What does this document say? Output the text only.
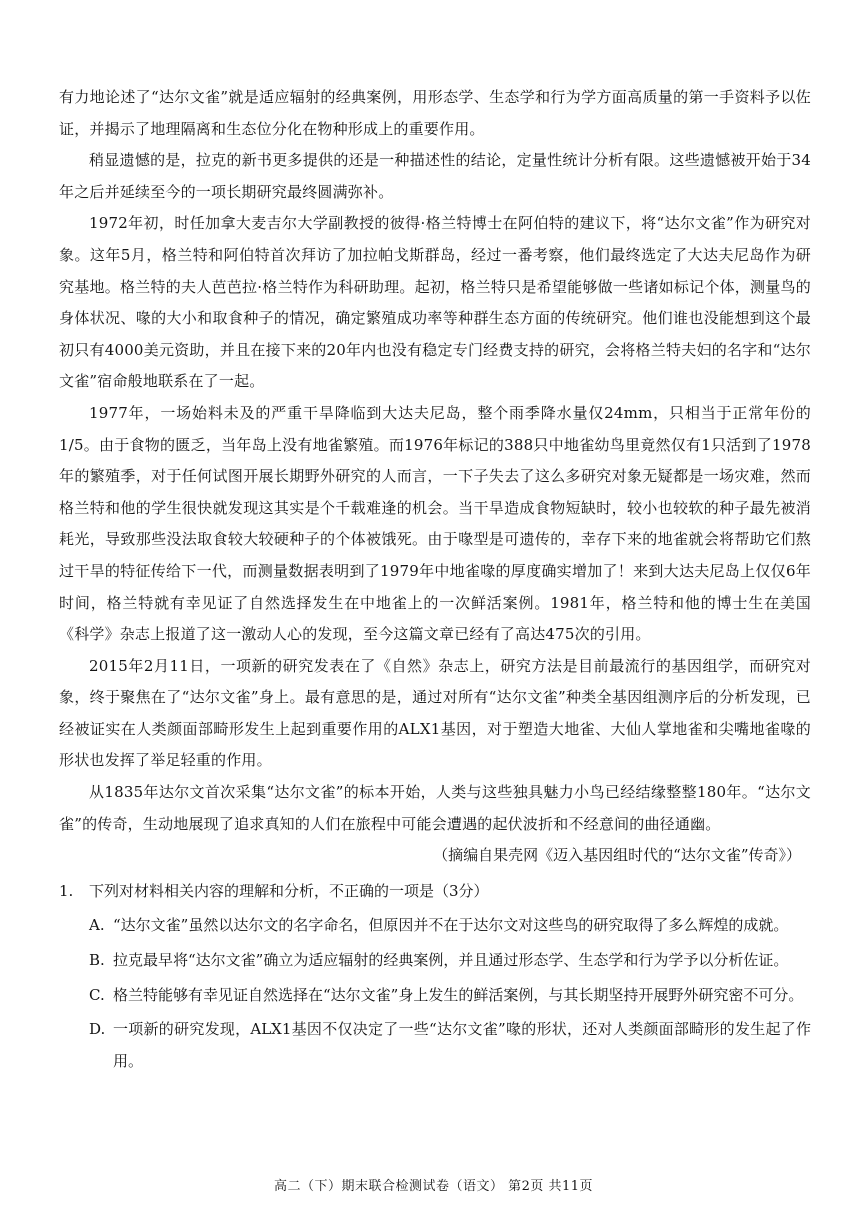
有力地论述了“达尔文雀”就是适应辐射的经典案例，用形态学、生态学和行为学方面高质量的第一手资料予以佐证，并揭示了地理隔离和生态位分化在物种形成上的重要作用。

稍显遗憾的是，拉克的新书更多提供的还是一种描述性的结论，定量性统计分析有限。这些遗憾被开始于34年之后并延续至今的一项长期研究最终圆满弥补。

1972年初，时任加拿大麦吉尔大学副教授的彼得·格兰特博士在阿伯特的建议下，将“达尔文雀”作为研究对象。这年5月，格兰特和阿伯特首次拜访了加拉帕戈斯群岛，经过一番考察，他们最终选定了大达夫尼岛作为研究基地。格兰特的夫人芭芭拉·格兰特作为科研助理。起初，格兰特只是希望能够做一些诸如标记个体，测量鸟的身体状况、喙的大小和取食种子的情况，确定繁殖成功率等种群生态方面的传统研究。他们谁也没能想到这个最初只有4000美元资助，并且在接下来的20年内也没有稳定专门经费支持的研究，会将格兰特夫妇的名字和“达尔文雀”宿命般地联系在了一起。

1977年，一场始料未及的严重干旱降临到大达夫尼岛，整个雨季降水量仅24mm，只相当于正常年份的1/5。由于食物的匮乏，当年岛上没有地雀繁殖。而1976年标记的388只中地雀幼鸟里竟然仅有1只活到了1978年的繁殖季，对于任何试图开展长期野外研究的人而言，一下子失去了这么多研究对象无疑都是一场灾难，然而格兰特和他的学生很快就发现这其实是个千载难逢的机会。当干旱造成食物短缺时，较小也较软的种子最先被消耗光，导致那些没法取食较大较硬种子的个体被饿死。由于喙型是可遗传的，幸存下来的地雀就会将帮助它们熬过干旱的特征传给下一代，而测量数据表明到了1979年中地雀喙的厚度确实增加了！来到大达夫尼岛上仅仅6年时间，格兰特就有幸见证了自然选择发生在中地雀上的一次鲜活案例。1981年，格兰特和他的博士生在美国《科学》杂志上报道了这一激动人心的发现，至今这篇文章已经有了高达475次的引用。

2015年2月11日，一项新的研究发表在了《自然》杂志上，研究方法是目前最流行的基因组学，而研究对象，终于聚焦在了“达尔文雀”身上。最有意思的是，通过对所有“达尔文雀”种类全基因组测序后的分析发现，已经被证实在人类颜面部畸形发生上起到重要作用的ALX1基因，对于塑造大地雀、大仙人掌地雀和尖嘴地雀喙的形状也发挥了举足轻重的作用。

从1835年达尔文首次采集“达尔文雀”的标本开始，人类与这些独具魅力小鸟已经结缘整整180年。“达尔文雀”的传奇，生动地展现了追求真知的人们在旅程中可能会遭遇的起伏波折和不经意间的曲径通幽。

（摘编自果壳网《迈入基因组时代的“达尔文雀”传奇》）

1.	下列对材料相关内容的理解和分析，不正确的一项是（3分）

A. “达尔文雀”虽然以达尔文的名字命名，但原因并不在于达尔文对这些鸟的研究取得了多么辉煌的成就。
B. 拉克最早将“达尔文雀”确立为适应辐射的经典案例，并且通过形态学、生态学和行为学予以分析佐证。
C. 格兰特能够有幸见证自然选择在“达尔文雀”身上发生的鲜活案例，与其长期坚持开展野外研究密不可分。
D. 一项新的研究发现，ALX1基因不仅决定了一些“达尔文雀”喙的形状，还对人类颜面部畸形的发生起了作用。
高二（下）期末联合检测试卷（语文） 第2页 共11页
